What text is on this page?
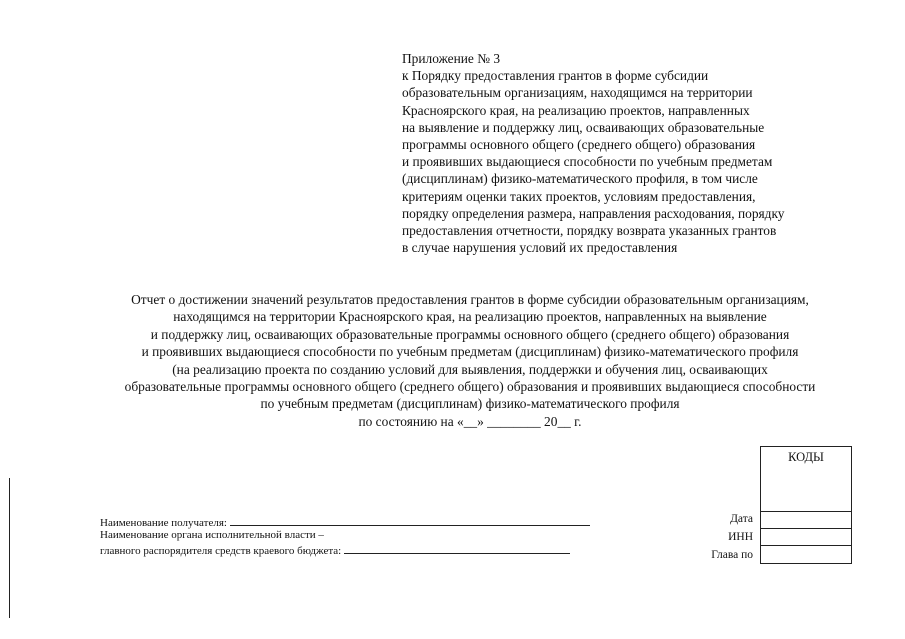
Приложение № 3
к Порядку предоставления грантов в форме субсидии
образовательным организациям, находящимся на территории
Красноярского края, на реализацию проектов, направленных
на выявление и поддержку лиц, осваивающих образовательные
программы основного общего (среднего общего) образования
и проявивших выдающиеся способности по учебным предметам
(дисциплинам) физико-математического профиля, в том числе
критериям оценки таких проектов, условиям предоставления,
порядку определения размера, направления расходования, порядку
предоставления отчетности, порядку возврата указанных грантов
в случае нарушения условий их предоставления
Отчет о достижении значений результатов предоставления грантов в форме субсидии образовательным организациям,
находящимся на территории Красноярского края, на реализацию проектов, направленных на выявление
и поддержку лиц, осваивающих образовательные программы основного общего (среднего общего) образования
и проявивших выдающиеся способности по учебным предметам (дисциплинам) физико-математического профиля
(на реализацию проекта по созданию условий для выявления, поддержки и обучения лиц, осваивающих
образовательные программы основного общего (среднего общего) образования и проявивших выдающиеся способности
по учебным предметам (дисциплинам) физико-математического профиля
по состоянию на «__» ________ 20__ г.
Наименование получателя:
Наименование органа исполнительной власти –
главного распорядителя средств краевого бюджета:
Дата
ИНН
Глава по
КОДЫ
